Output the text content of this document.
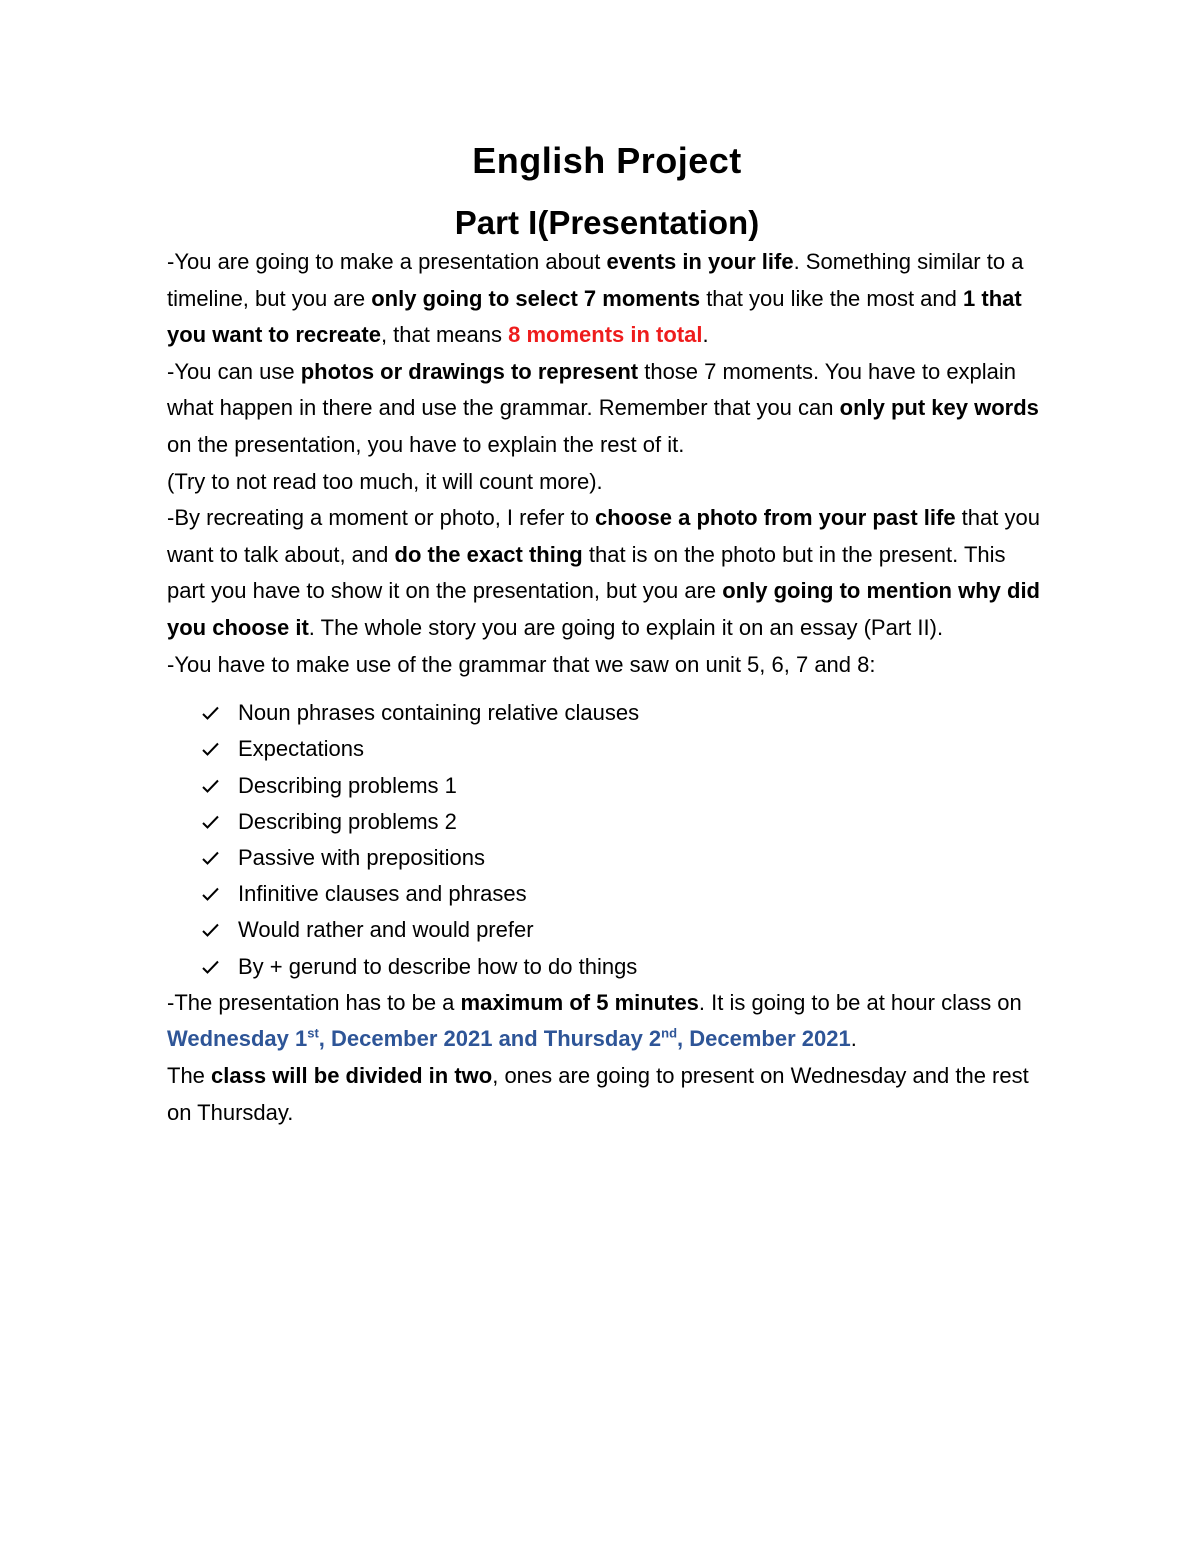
English Project
Part I(Presentation)

-You are going to make a presentation about events in your life. Something similar to a timeline, but you are only going to select 7 moments that you like the most and 1 that you want to recreate, that means 8 moments in total.

-You can use photos or drawings to represent those 7 moments. You have to explain what happen in there and use the grammar. Remember that you can only put key words on the presentation, you have to explain the rest of it.
(Try to not read too much, it will count more).

-By recreating a moment or photo, I refer to choose a photo from your past life that you want to talk about, and do the exact thing that is on the photo but in the present. This part you have to show it on the presentation, but you are only going to mention why did you choose it. The whole story you are going to explain it on an essay (Part II).

-You have to make use of the grammar that we saw on unit 5, 6, 7 and 8:

Noun phrases containing relative clauses
Expectations
Describing problems 1
Describing problems 2
Passive with prepositions
Infinitive clauses and phrases
Would rather and would prefer
By + gerund to describe how to do things

-The presentation has to be a maximum of 5 minutes. It is going to be at hour class on Wednesday 1st, December 2021 and Thursday 2nd, December 2021.
The class will be divided in two, ones are going to present on Wednesday and the rest on Thursday.
